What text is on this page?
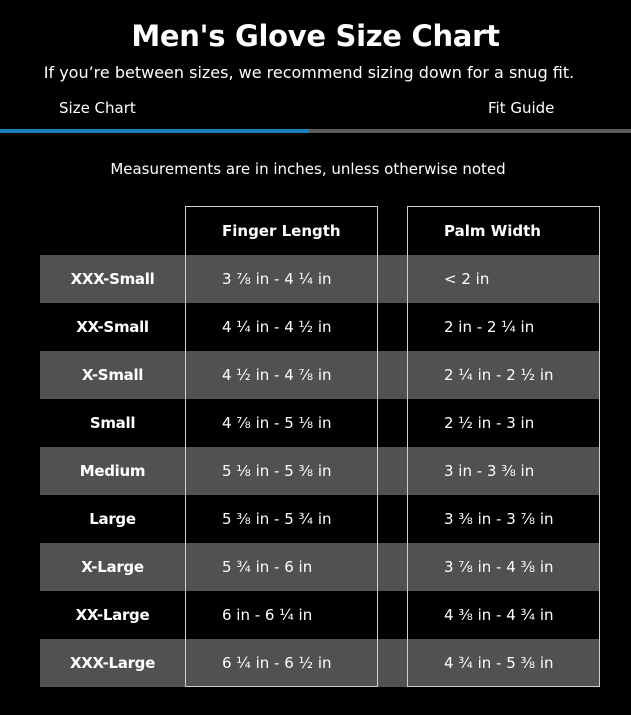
Men's Glove Size Chart
If you’re between sizes, we recommend sizing down for a snug fit.
Size Chart	Fit Guide
Measurements are in inches, unless otherwise noted
Finger Length	Palm Width
XXX-Small	3 ⅞ in - 4 ¼ in	< 2 in
XX-Small	4 ¼ in - 4 ½ in	2 in - 2 ¼ in
X-Small	4 ½ in - 4 ⅞ in	2 ¼ in - 2 ½ in
Small	4 ⅞ in - 5 ⅛ in	2 ½ in - 3 in
Medium	5 ⅛ in - 5 ⅜ in	3 in - 3 ⅜ in
Large	5 ⅜ in - 5 ¾ in	3 ⅜ in - 3 ⅞ in
X-Large	5 ¾ in - 6 in	3 ⅞ in - 4 ⅜ in
XX-Large	6 in - 6 ¼ in	4 ⅜ in - 4 ¾ in
XXX-Large	6 ¼ in - 6 ½ in	4 ¾ in - 5 ⅜ in
